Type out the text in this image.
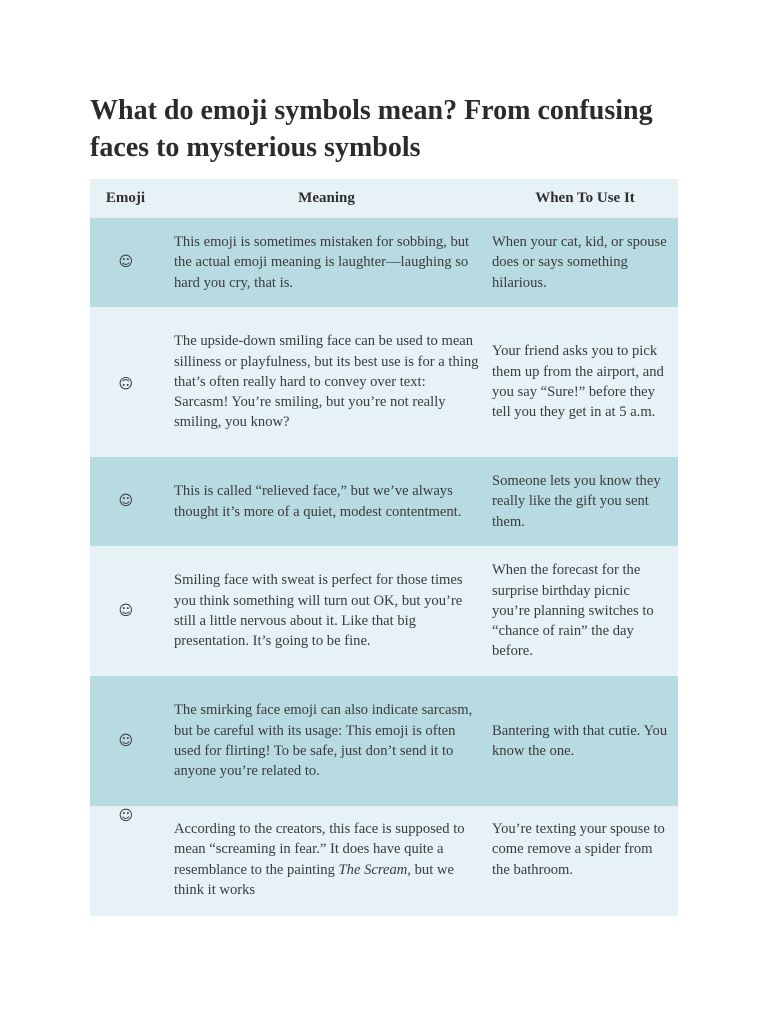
What do emoji symbols mean? From confusing faces to mysterious symbols
Emoji	Meaning	When To Use It
☺	This emoji is sometimes mistaken for sobbing, but the actual emoji meaning is laughter—laughing so hard you cry, that is.	When your cat, kid, or spouse does or says something hilarious.
☺	The upside-down smiling face can be used to mean silliness or playfulness, but its best use is for a thing that’s often really hard to convey over text: Sarcasm! You’re smiling, but you’re not really smiling, you know?	Your friend asks you to pick them up from the airport, and you say “Sure!” before they tell you they get in at 5 a.m.
☺	This is called “relieved face,” but we’ve always thought it’s more of a quiet, modest contentment.	Someone lets you know they really like the gift you sent them.
☺	Smiling face with sweat is perfect for those times you think something will turn out OK, but you’re still a little nervous about it. Like that big presentation. It’s going to be fine.	When the forecast for the surprise birthday picnic you’re planning switches to “chance of rain” the day before.
☺	The smirking face emoji can also indicate sarcasm, but be careful with its usage: This emoji is often used for flirting! To be safe, just don’t send it to anyone you’re related to.	Bantering with that cutie. You know the one.
☺	According to the creators, this face is supposed to mean “screaming in fear.” It does have quite a resemblance to the painting The Scream, but we think it works	You’re texting your spouse to come remove a spider from the bathroom.
